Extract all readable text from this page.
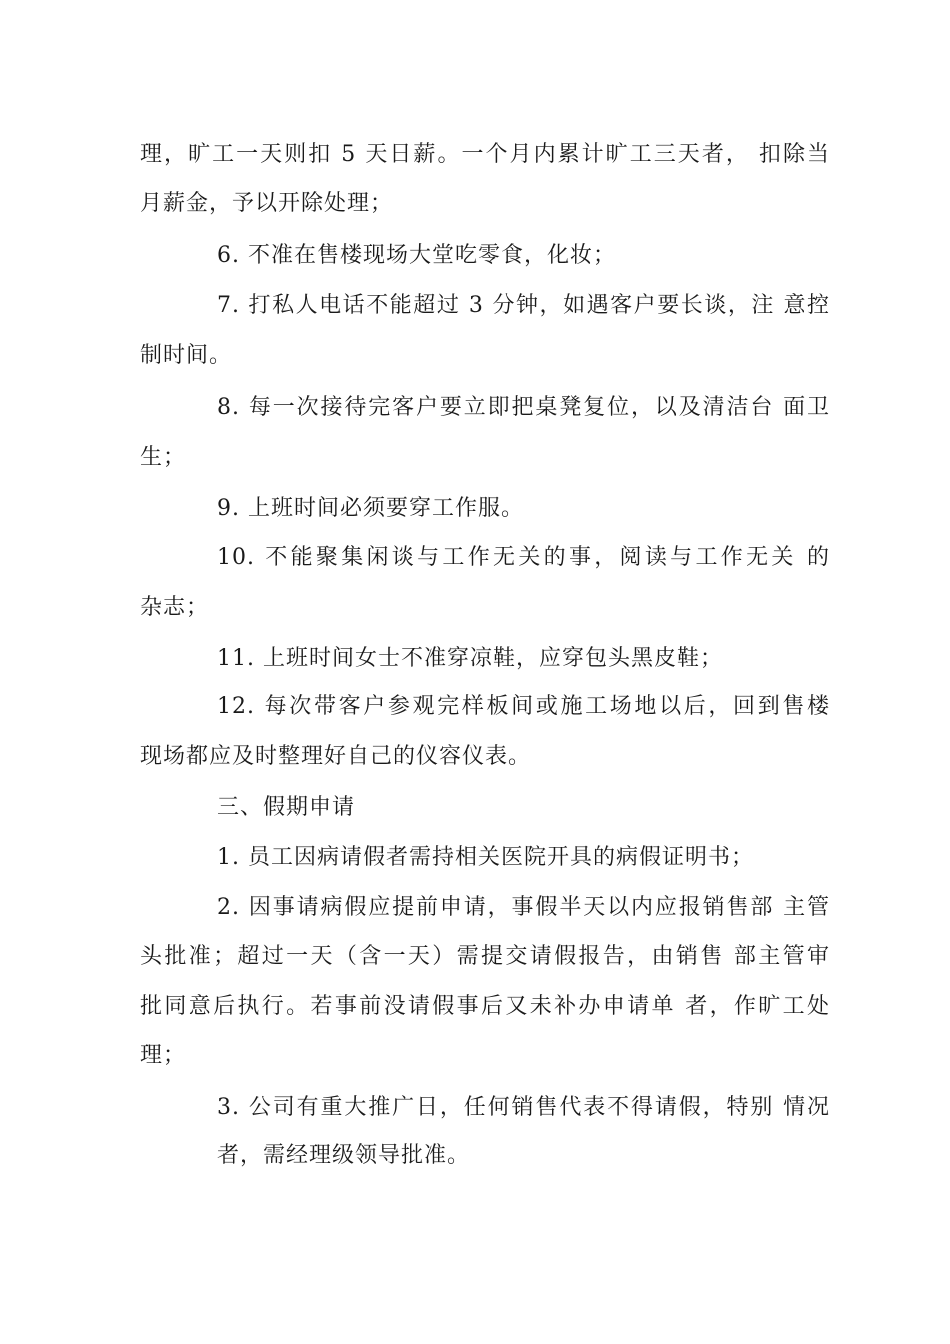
理，旷工一天则扣 5 天日薪。一个月内累计旷工三天者， 扣除当
月薪金，予以开除处理；
6. 不准在售楼现场大堂吃零食，化妆；
7. 打私人电话不能超过 3 分钟，如遇客户要长谈，注 意控
制时间。
8. 每一次接待完客户要立即把桌凳复位，以及清洁台 面卫
生；
9. 上班时间必须要穿工作服。
10. 不能聚集闲谈与工作无关的事，阅读与工作无关 的
杂志；
11. 上班时间女士不准穿凉鞋，应穿包头黑皮鞋；
12. 每次带客户参观完样板间或施工场地以后，回到售楼
现场都应及时整理好自己的仪容仪表。
三、假期申请
1. 员工因病请假者需持相关医院开具的病假证明书；
2. 因事请病假应提前申请，事假半天以内应报销售部 主管
头批准；超过一天（含一天）需提交请假报告，由销售 部主管审
批同意后执行。若事前没请假事后又未补办申请单 者，作旷工处
理；
3. 公司有重大推广日，任何销售代表不得请假，特别 情况
者，需经理级领导批准。
